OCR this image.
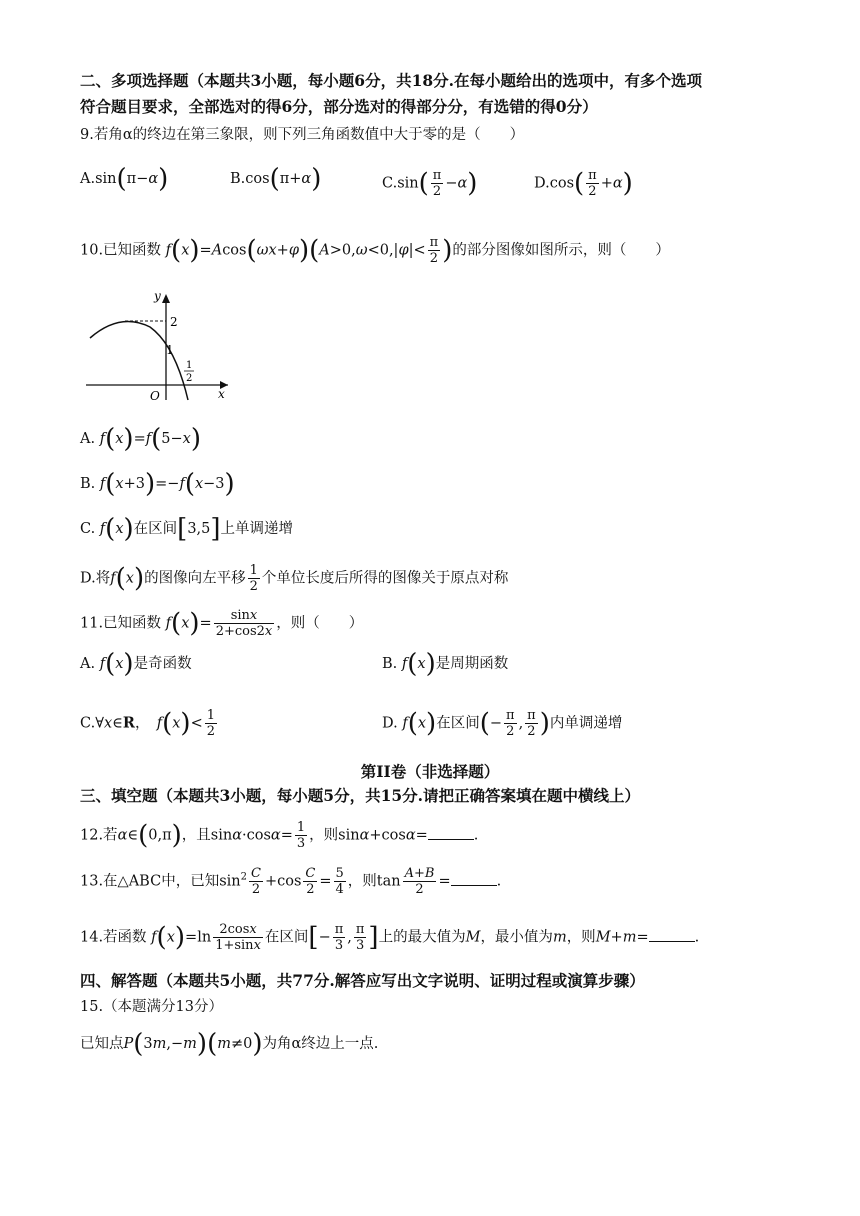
二、多项选择题（本题共3小题，每小题6分，共18分.在每小题给出的选项中，有多个选项
符合题目要求，全部选对的得6分，部分选对的得部分分，有选错的得0分）
9.若角α的终边在第三象限，则下列三角函数值中大于零的是（　　）
A.sin(π−α)	B.cos(π+α)	$C.\sin( \frac{\pi}{2} -\alpha)$	$D.\cos( \frac{\pi}{2} +\alpha)$
10.已知函数 $f(x)=Acos(\omega x+\varphi)(A>0,\omega<0,|\varphi|< \frac{\pi}{2}$ )的部分图像如图所示，则（　　）
y
x
O
2
1
1
2
A. f(x)=f(5−x)
B. f(x+3)=−f(x−3)
C. f(x)在区间[3,5]上单调递增
D.将f(x)的图像向左平移 $\frac{1}{2}$ 个单位长度后所得的图像关于原点对称
11.已知函数 $f(x)= \frac{\sin x}{2+\cos 2x}$ ，则（　　）
A. f(x)是奇函数	B. f(x)是周期函数
C.∀x∈R，　$f(x)< \frac{1}{2}$	D. f(x)在区间(− $\frac{\pi}{2}$ , $\frac{\pi}{2}$ )内单调递增
第II卷（非选择题）
三、填空题（本题共3小题，每小题5分，共15分.请把正确答案填在题中横线上）
12.若α∈(0,π)，且$\sin\alpha\cdot\cos\alpha= \frac{1}{3}$ ，则sinα+cosα=	.
13.在△ABC中，已知$\sin^2 \frac{C}{2} +\cos \frac{C}{2} = \frac{5}{4}$ ，则$\tan \frac{A+B}{2}$ =	.
14.若函数 $f(x)=\ln \frac{2\cos x}{1+\sin x}$ 在区间[− $\frac{\pi}{3}$ , $\frac{\pi}{3}$ ]上的最大值为M，最小值为m，则M+m=	.
四、解答题（本题共5小题，共77分.解答应写出文字说明、证明过程或演算步骤）
15.（本题满分13分）
已知点P(3m,−m)(m≠0)为角α终边上一点.
